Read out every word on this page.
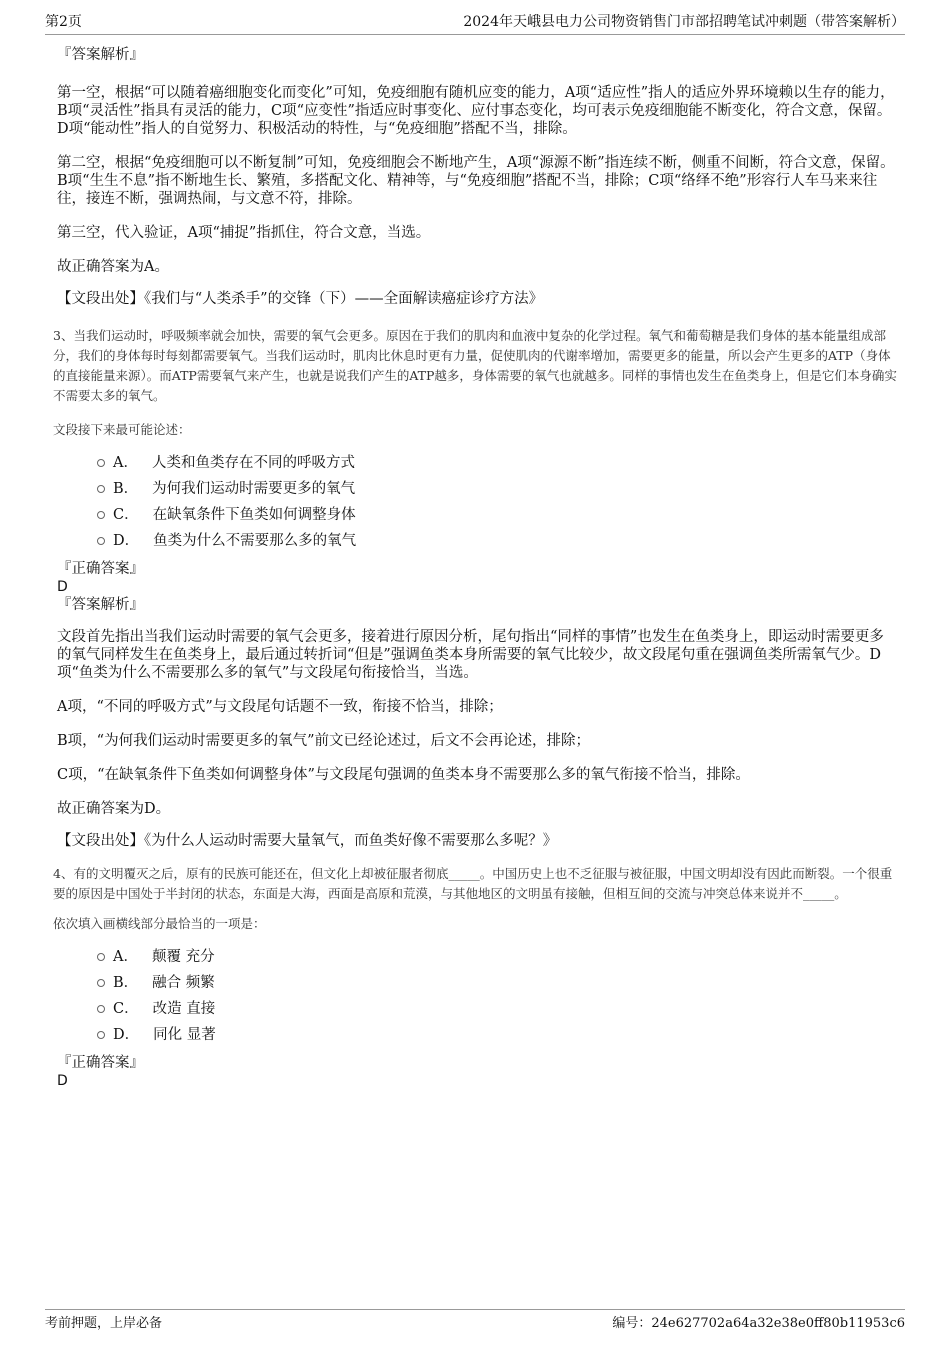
第2页	2024年天峨县电力公司物资销售门市部招聘笔试冲刺题（带答案解析）

『答案解析』

第一空，根据“可以随着癌细胞变化而变化”可知，免疫细胞有随机应变的能力，A项“适应性”指人的适应外界环境赖以生存的能力，B项“灵活性”指具有灵活的能力，C项“应变性”指适应时事变化、应付事态变化，均可表示免疫细胞能不断变化，符合文意，保留。D项“能动性”指人的自觉努力、积极活动的特性，与“免疫细胞”搭配不当，排除。

第二空，根据“免疫细胞可以不断复制”可知，免疫细胞会不断地产生，A项“源源不断”指连续不断，侧重不间断，符合文意，保留。B项“生生不息”指不断地生长、繁殖，多搭配文化、精神等，与“免疫细胞”搭配不当，排除；C项“络绎不绝”形容行人车马来来往往，接连不断，强调热闹，与文意不符，排除。

第三空，代入验证，A项“捕捉”指抓住，符合文意，当选。

故正确答案为A。

【文段出处】《我们与“人类杀手”的交锋（下）——全面解读癌症诊疗方法》

3、当我们运动时，呼吸频率就会加快，需要的氧气会更多。原因在于我们的肌肉和血液中复杂的化学过程。氧气和葡萄糖是我们身体的基本能量组成部分，我们的身体每时每刻都需要氧气。当我们运动时，肌肉比休息时更有力量，促使肌肉的代谢率增加，需要更多的能量，所以会产生更多的ATP（身体的直接能量来源）。而ATP需要氧气来产生，也就是说我们产生的ATP越多，身体需要的氧气也就越多。同样的事情也发生在鱼类身上，但是它们本身确实不需要太多的氧气。

文段接下来最可能论述：

A． 人类和鱼类存在不同的呼吸方式
B． 为何我们运动时需要更多的氧气
C． 在缺氧条件下鱼类如何调整身体
D． 鱼类为什么不需要那么多的氧气

『正确答案』

D

『答案解析』

文段首先指出当我们运动时需要的氧气会更多，接着进行原因分析，尾句指出“同样的事情”也发生在鱼类身上，即运动时需要更多的氧气同样发生在鱼类身上，最后通过转折词“但是”强调鱼类本身所需要的氧气比较少，故文段尾句重在强调鱼类所需氧气少。D项“鱼类为什么不需要那么多的氧气”与文段尾句衔接恰当，当选。

A项，“不同的呼吸方式”与文段尾句话题不一致，衔接不恰当，排除；

B项，“为何我们运动时需要更多的氧气”前文已经论述过，后文不会再论述，排除；

C项，“在缺氧条件下鱼类如何调整身体”与文段尾句强调的鱼类本身不需要那么多的氧气衔接不恰当，排除。

故正确答案为D。

【文段出处】《为什么人运动时需要大量氧气，而鱼类好像不需要那么多呢？》

4、有的文明覆灭之后，原有的民族可能还在，但文化上却被征服者彻底_____。中国历史上也不乏征服与被征服，中国文明却没有因此而断裂。一个很重要的原因是中国处于半封闭的状态，东面是大海，西面是高原和荒漠，与其他地区的文明虽有接触，但相互间的交流与冲突总体来说并不_____。

依次填入画横线部分最恰当的一项是：

A． 颠覆 充分
B． 融合 频繁
C． 改造 直接
D． 同化 显著

『正确答案』

D

考前押题，上岸必备	编号：24e627702a64a32e38e0ff80b11953c6
